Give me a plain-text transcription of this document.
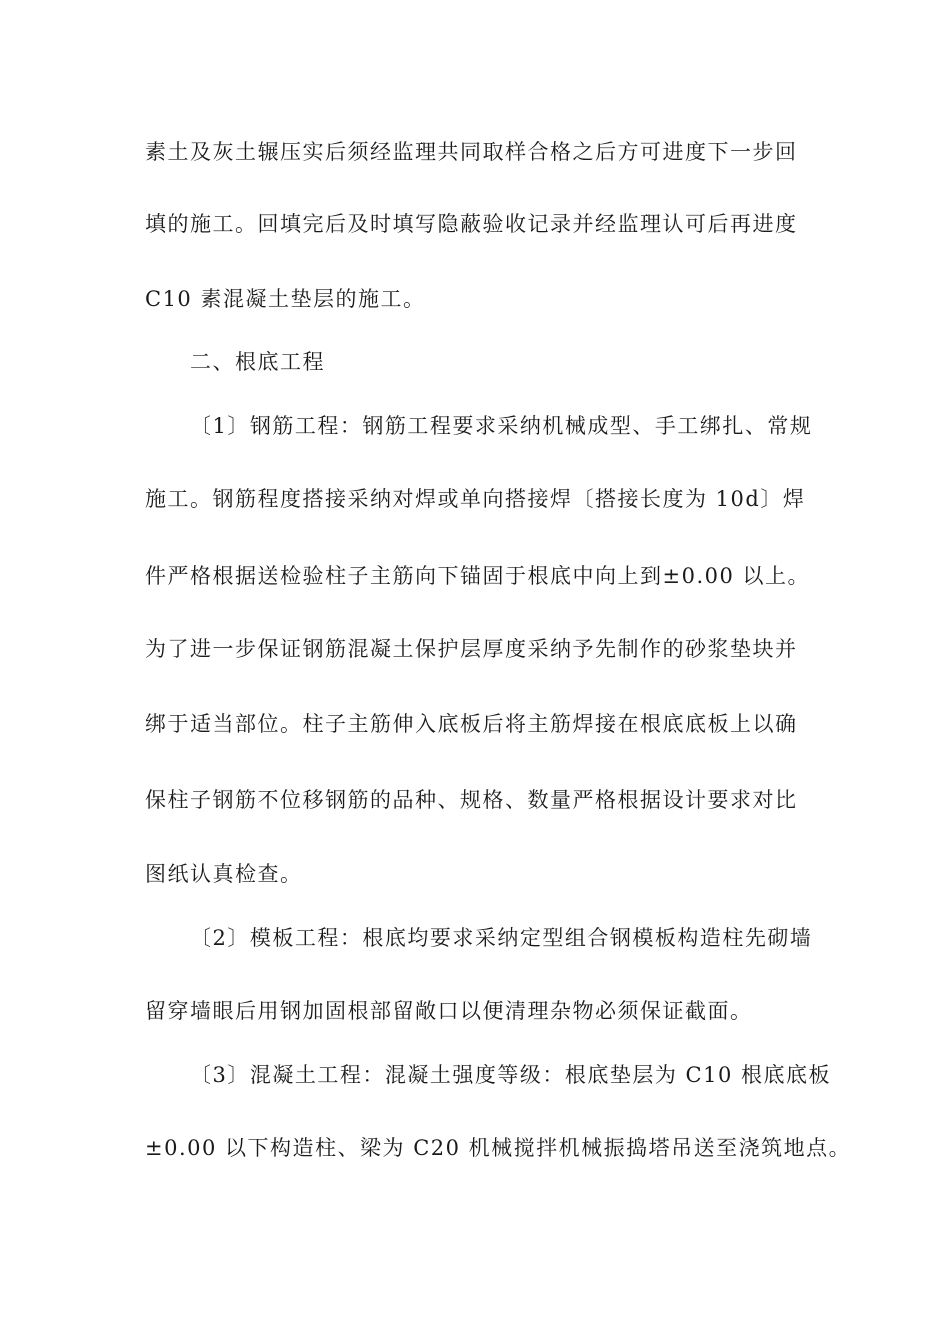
素土及灰土辗压实后须经监理共同取样合格之后方可进度下一步回
填的施工。回填完后及时填写隐蔽验收记录并经监理认可后再进度
C10 素混凝土垫层的施工。
二、根底工程
〔1〕钢筋工程：钢筋工程要求采纳机械成型、手工绑扎、常规
施工。钢筋程度搭接采纳对焊或单向搭接焊〔搭接长度为 10d〕焊
件严格根据送检验柱子主筋向下锚固于根底中向上到±0.00 以上。
为了进一步保证钢筋混凝土保护层厚度采纳予先制作的砂浆垫块并
绑于适当部位。柱子主筋伸入底板后将主筋焊接在根底底板上以确
保柱子钢筋不位移钢筋的品种、规格、数量严格根据设计要求对比
图纸认真检查。
〔2〕模板工程：根底均要求采纳定型组合钢模板构造柱先砌墙
留穿墙眼后用钢加固根部留敞口以便清理杂物必须保证截面。
〔3〕混凝土工程：混凝土强度等级：根底垫层为 C10 根底底板
±0.00 以下构造柱、梁为 C20 机械搅拌机械振捣塔吊送至浇筑地点。
